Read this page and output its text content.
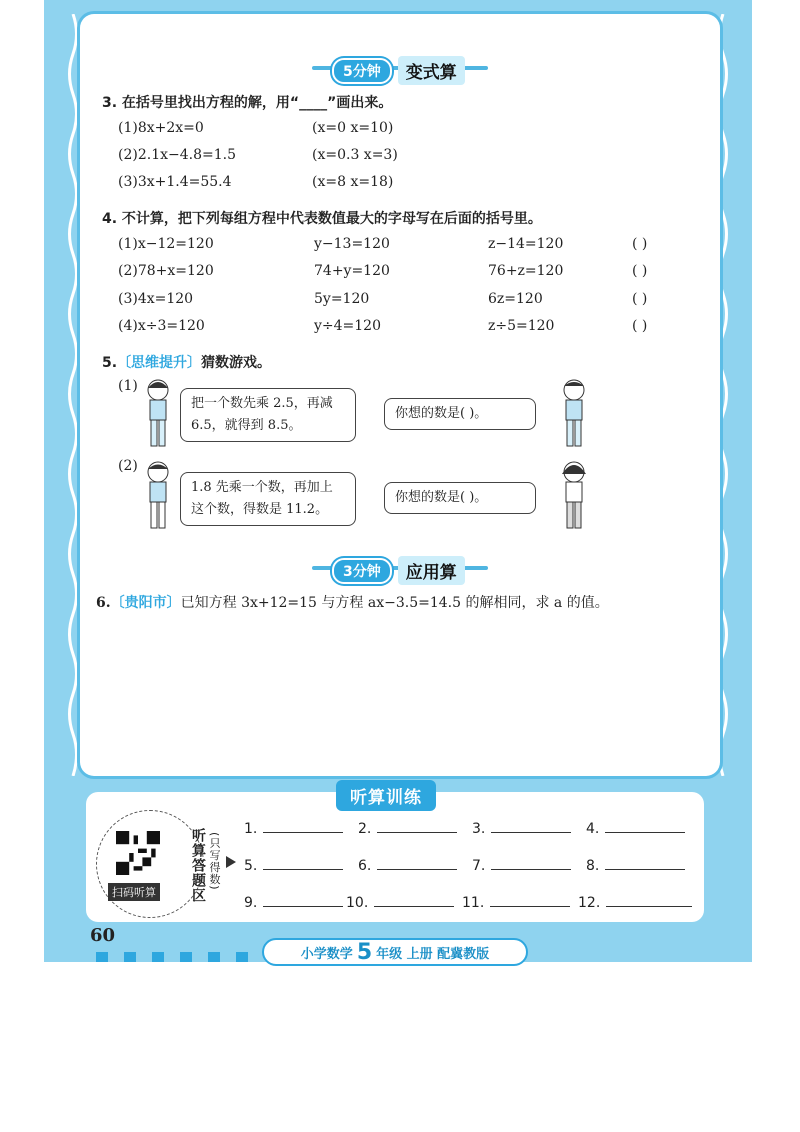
5分钟	变式算
3. 在括号里找出方程的解，用“____”画出来。
(1)8x+2x=0	(x=0 x=10)
(2)2.1x−4.8=1.5	(x=0.3 x=3)
(3)3x+1.4=55.4	(x=8 x=18)
4. 不计算，把下列每组方程中代表数值最大的字母写在后面的括号里。
(1)x−12=120	y−13=120	z−14=120	( )
(2)78+x=120	74+y=120	76+z=120	( )
(3)4x=120	5y=120	6z=120	( )
(4)x÷3=120	y÷4=120	z÷5=120	( )
5.〔思维提升〕猜数游戏。
(1)
把一个数先乘 2.5，再减 6.5，就得到 8.5。
你想的数是( )。
(2)
1.8 先乘一个数，再加上这个数，得数是 11.2。
你想的数是( )。
3分钟	应用算
6.〔贵阳市〕已知方程 3x+12=15 与方程 ax−3.5=14.5 的解相同，求 a 的值。
听算训练
扫码听算 听算答题区 (只写得数)
1.	2.	3.	4.
5.	6.	7.	8.
9.	10.	11.	12.
60
小学数学 5 年级 上册 配冀教版
